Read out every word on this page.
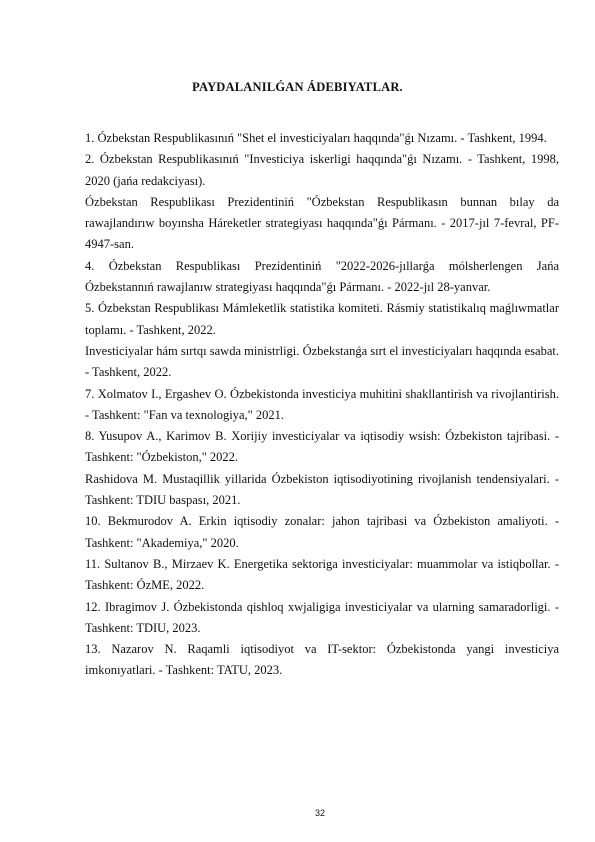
PAYDALANILǴAN ÁDEBIYATLAR.

1. Ózbekstan Respublikasınıń "Shet el investiciyaları haqqında"ǵı Nızamı. - Tashkent, 1994.

2. Ózbekstan Respublikasınıń "Investiciya iskerligi haqqında"ǵı Nızamı. - Tashkent, 1998, 2020 (jańa redakciyası).

Ózbekstan Respublikası Prezidentiniń "Ózbekstan Respublikasın bunnan bılay da rawajlandırıw boyınsha Háreketler strategiyası haqqında"ǵı Pármanı. - 2017-jıl 7-fevral, PF-4947-san.

4. Ózbekstan Respublikası Prezidentiniń "2022-2026-jıllarǵa mólsherlengen Jańa Ózbekstannıń rawajlanıw strategiyası haqqında"ǵı Pármanı. - 2022-jıl 28-yanvar.

5. Ózbekstan Respublikası Mámleketlik statistika komiteti. Rásmiy statistikalıq maǵlıwmatlar toplamı. - Tashkent, 2022.

Investiciyalar hám sırtqı sawda ministrligi. Ózbekstanǵa sırt el investiciyaları haqqında esabat. - Tashkent, 2022.

7. Xolmatov I., Ergashev O. Ózbekistonda investiciya muhitini shakllantirish va rivojlantirish. - Tashkent: "Fan va texnologiya," 2021.

8. Yusupov A., Karimov B. Xorijiy investiciyalar va iqtisodiy wsish: Ózbekiston tajribasi. - Tashkent: "Ózbekiston," 2022.

Rashidova M. Mustaqillik yillarida Ózbekiston iqtisodiyotining rivojlanish tendensiyalari. - Tashkent: TDIU baspası, 2021.

10. Bekmurodov A. Erkin iqtisodiy zonalar: jahon tajribasi va Ózbekiston amaliyoti. - Tashkent: "Akademiya," 2020.

11. Sultanov B., Mirzaev K. Energetika sektoriga investiciyalar: muammolar va istiqbollar. - Tashkent: ÓzME, 2022.

12. Ibragimov J. Ózbekistonda qishloq xwjaligiga investiciyalar va ularning samaradorligi. - Tashkent: TDIU, 2023.

13. Nazarov N. Raqamli iqtisodiyot va IT-sektor: Ózbekistonda yangi investiciya imkonıyatlari. - Tashkent: TATU, 2023.

32
